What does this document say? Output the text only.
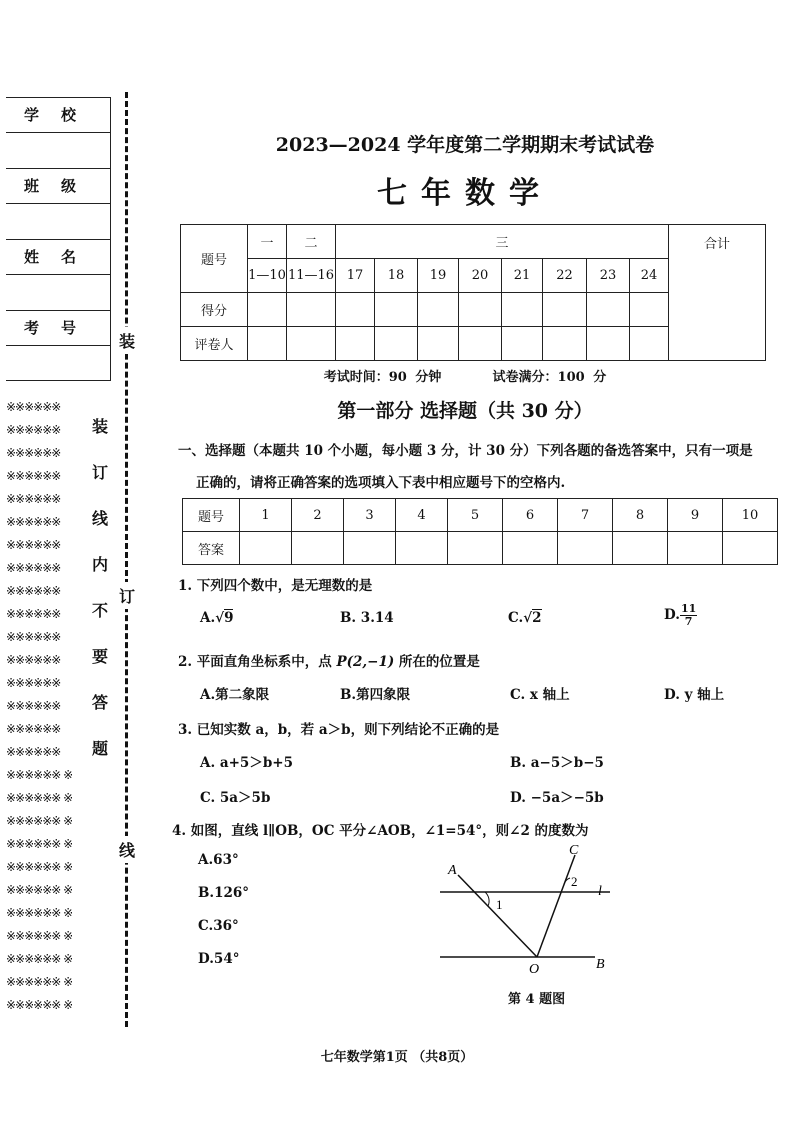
学校
班级
姓名
考号
装
订
线
※※※※※※
※※※※※※
※※※※※※
※※※※※※
※※※※※※
※※※※※※
※※※※※※
※※※※※※
※※※※※※
※※※※※※
※※※※※※
※※※※※※
※※※※※※
※※※※※※
※※※※※※
※※※※※※
※※※※※※ ※
※※※※※※ ※
※※※※※※ ※
※※※※※※ ※
※※※※※※ ※
※※※※※※ ※
※※※※※※ ※
※※※※※※ ※
※※※※※※ ※
※※※※※※ ※
※※※※※※ ※
装
订
线
内
不
要
答
题
2023—2024 学年度第二学期期末考试试卷
七年数学
题号	一	二	三								合计
	1—10	11—16	17	18	19	20	21	22	23	24	
得分											
评卷人											
考试时间：90 分钟	试卷满分：100 分
第一部分 选择题（共 30 分）
一、选择题（本题共 10 个小题，每小题 3 分，计 30 分）下列各题的备选答案中，只有一项是
正确的，请将正确答案的选项填入下表中相应题号下的空格内.
题号	1	2	3	4	5	6	7	8	9	10
答案										
1. 下列四个数中，是无理数的是
A.√9	B. 3.14	C.√2	D. $\frac{11}{7}$
2. 平面直角坐标系中，点 P(2,−1) 所在的位置是
A.第二象限	B.第四象限	C. x 轴上	D. y 轴上
3. 已知实数 a，b，若 a＞b，则下列结论不正确的是
A. a+5＞b+5	B. a−5＞b−5
C. 5a＞5b	D. −5a＞−5b
4. 如图，直线 l∥OB，OC 平分∠AOB，∠1=54°，则∠2 的度数为
A.63°
B.126°
C.36°
D.54°
A
C
1
2
l
O	B
第 4 题图
七年数学第1页 （共8页）
